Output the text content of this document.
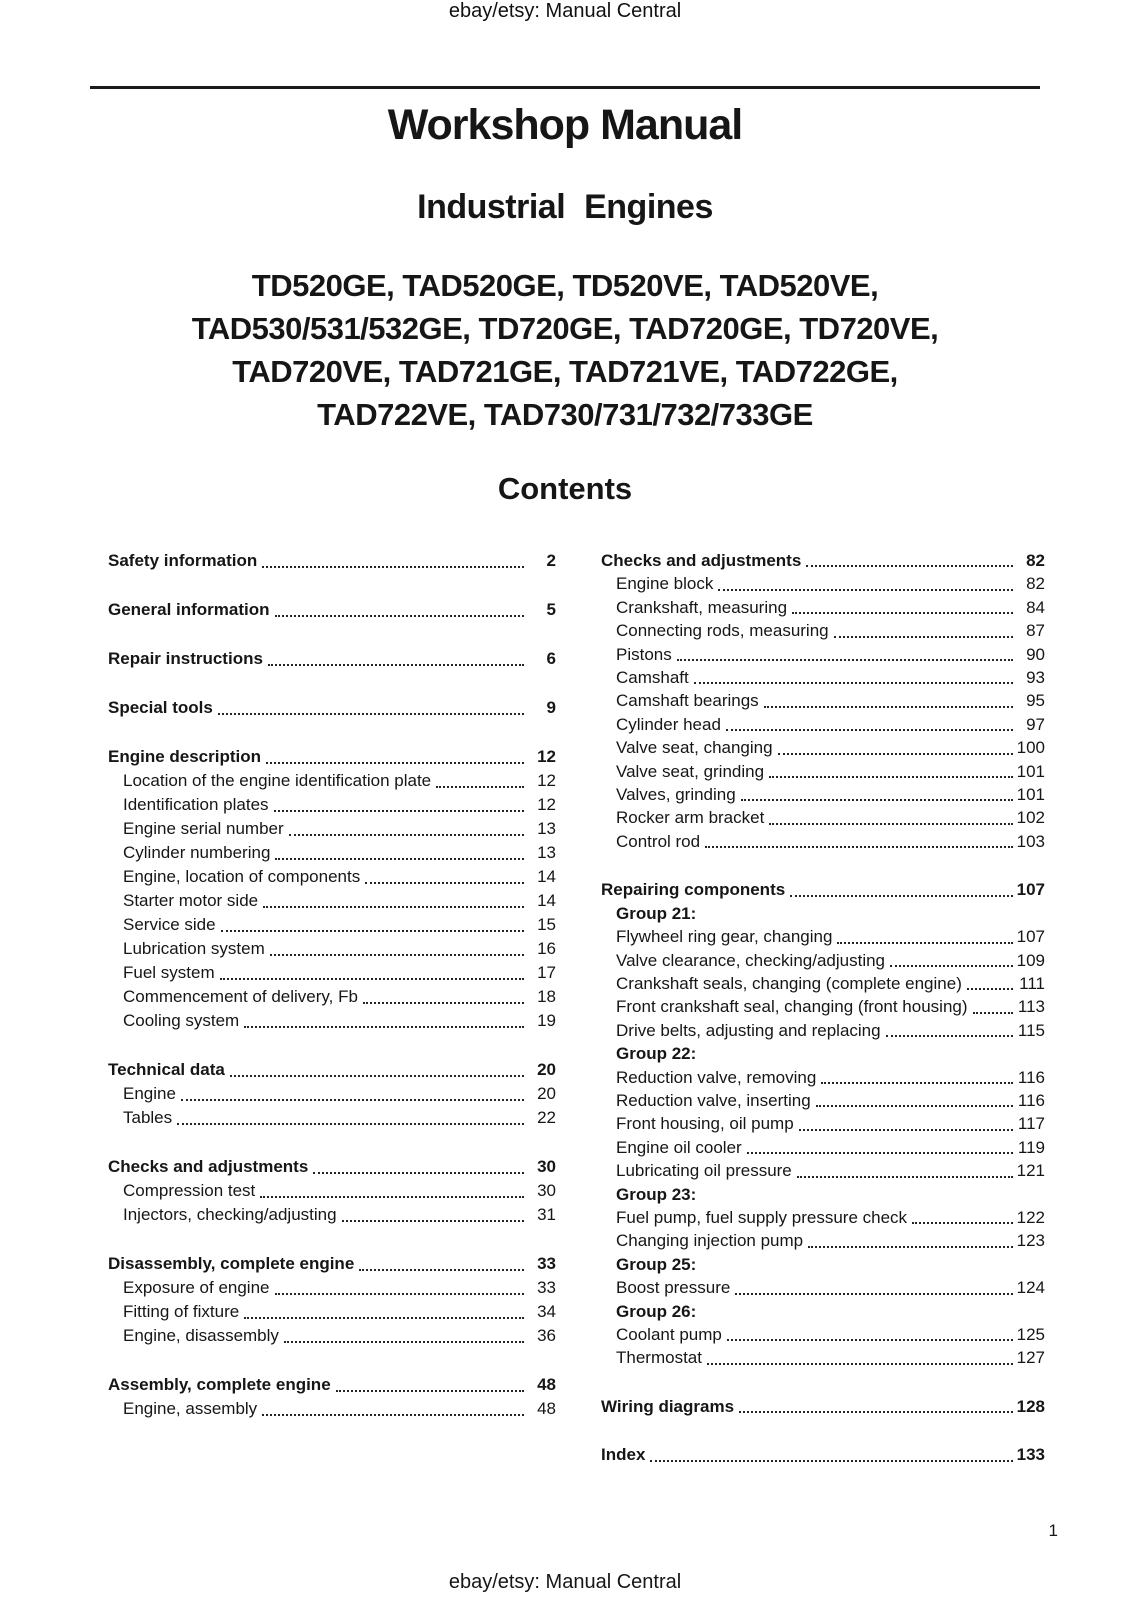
ebay/etsy: Manual Central
Workshop Manual
Industrial Engines
TD520GE, TAD520GE, TD520VE, TAD520VE,
TAD530/531/532GE, TD720GE, TAD720GE, TD720VE,
TAD720VE, TAD721GE, TAD721VE, TAD722GE,
TAD722VE, TAD730/731/732/733GE
Contents
Safety information	2
General information	5
Repair instructions	6
Special tools	9
Engine description	12
Location of the engine identification plate	12
Identification plates	12
Engine serial number	13
Cylinder numbering	13
Engine, location of components	14
Starter motor side	14
Service side	15
Lubrication system	16
Fuel system	17
Commencement of delivery, Fb	18
Cooling system	19
Technical data	20
Engine	20
Tables	22
Checks and adjustments	30
Compression test	30
Injectors, checking/adjusting	31
Disassembly, complete engine	33
Exposure of engine	33
Fitting of fixture	34
Engine, disassembly	36
Assembly, complete engine	48
Engine, assembly	48
Checks and adjustments	82
Engine block	82
Crankshaft, measuring	84
Connecting rods, measuring	87
Pistons	90
Camshaft	93
Camshaft bearings	95
Cylinder head	97
Valve seat, changing	100
Valve seat, grinding	101
Valves, grinding	101
Rocker arm bracket	102
Control rod	103
Repairing components	107
Group 21:
Flywheel ring gear, changing	107
Valve clearance, checking/adjusting	109
Crankshaft seals, changing (complete engine)	111
Front crankshaft seal, changing (front housing)	113
Drive belts, adjusting and replacing	115
Group 22:
Reduction valve, removing	116
Reduction valve, inserting	116
Front housing, oil pump	117
Engine oil cooler	119
Lubricating oil pressure	121
Group 23:
Fuel pump, fuel supply pressure check	122
Changing injection pump	123
Group 25:
Boost pressure	124
Group 26:
Coolant pump	125
Thermostat	127
Wiring diagrams	128
Index	133
1
ebay/etsy: Manual Central
